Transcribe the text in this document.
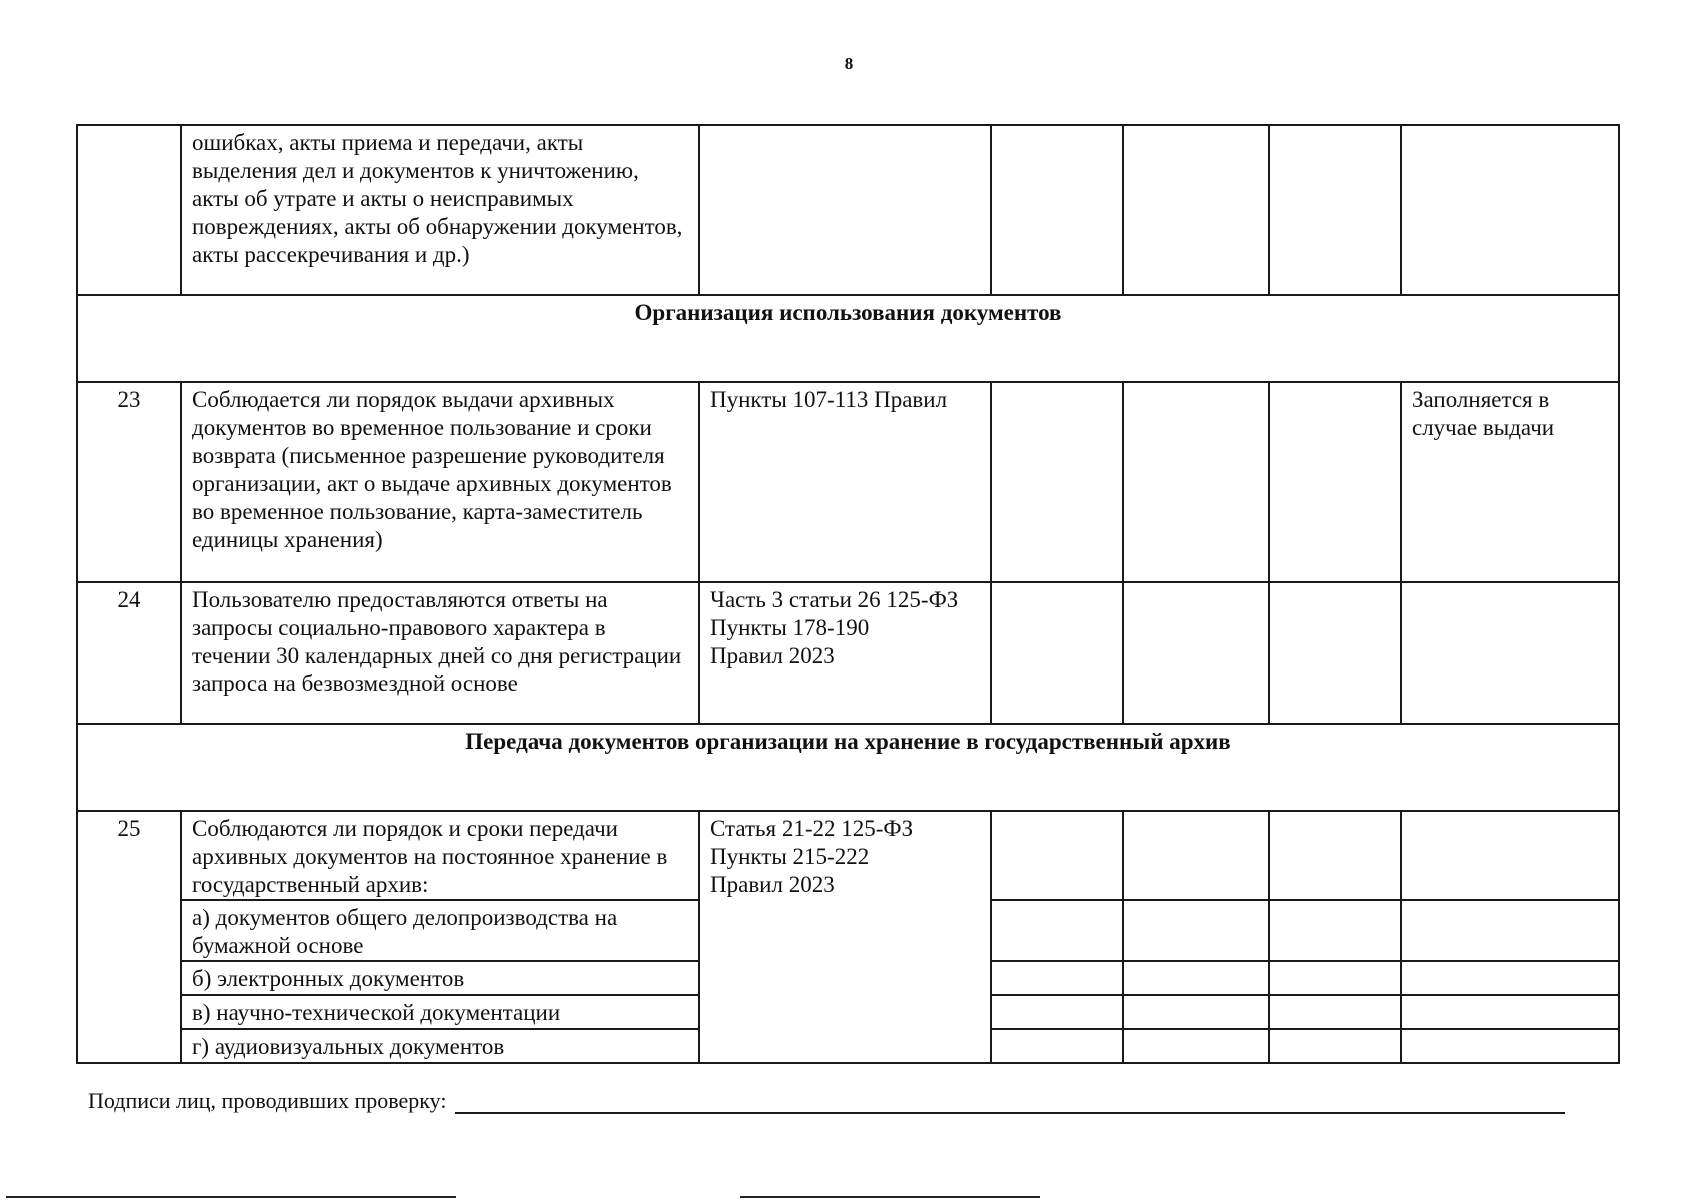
8
	ошибках, акты приема и передачи, акты выделения дел и документов к уничтожению, акты об утрате и акты о неисправимых повреждениях, акты об обнаружении документов, акты рассекречивания и др.)					
Организация использования документов						
23	Соблюдается ли порядок выдачи архивных документов во временное пользование и сроки возврата (письменное разрешение руководителя организации, акт о выдаче архивных документов во временное пользование, карта-заместитель единицы хранения)	Пункты 107-113 Правил				Заполняется в случае выдачи
24	Пользователю предоставляются ответы на запросы социально-правового характера в течении 30 календарных дней со дня регистрации запроса на безвозмездной основе	Часть 3 статьи 26 125-ФЗ
Пункты 178-190
Правил 2023				

Передача документов организации на хранение в государственный архив						
25	Соблюдаются ли порядок и сроки передачи архивных документов на постоянное хранение в государственный архив:	Статья 21-22 125-ФЗ
Пункты 215-222
Правил 2023				

	а) документов общего делопроизводства на бумажной основе					
	б) электронных документов					
	в) научно-технической документации					
	г) аудиовизуальных документов					
Подписи лиц, проводивших проверку:
